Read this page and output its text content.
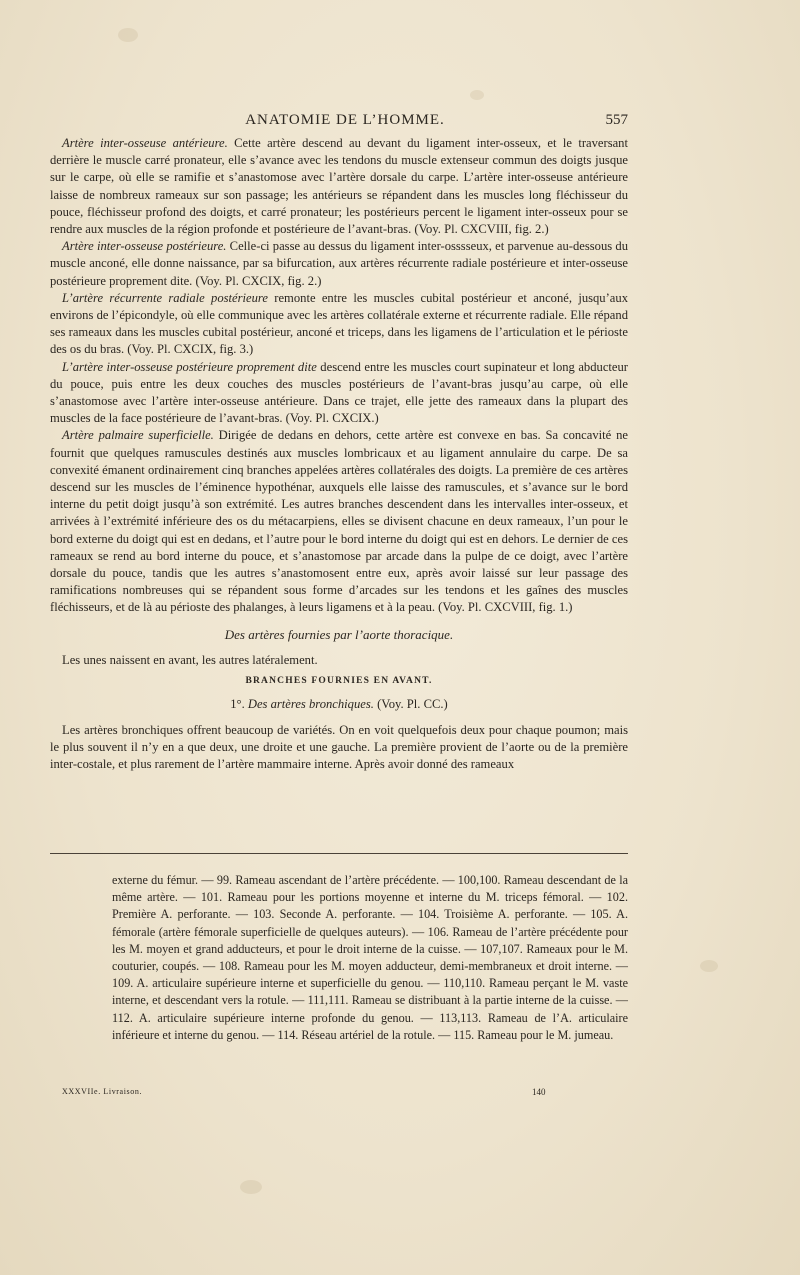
ANATOMIE DE L’HOMME.	557

Artère inter-osseuse antérieure. Cette artère descend au devant du ligament inter-osseux, et le traversant derrière le muscle carré pronateur, elle s’avance avec les tendons du muscle extenseur commun des doigts jusque sur le carpe, où elle se ramifie et s’anastomose avec l’artère dorsale du carpe. L’artère inter-osseuse antérieure laisse de nombreux rameaux sur son passage; les antérieurs se répandent dans les muscles long fléchisseur du pouce, fléchisseur profond des doigts, et carré pronateur; les postérieurs percent le ligament inter-osseux pour se rendre aux muscles de la région profonde et postérieure de l’avant-bras. (Voy. Pl. CXCVIII, fig. 2.)

Artère inter-osseuse postérieure. Celle-ci passe au dessus du ligament inter-osssseux, et parvenue au-dessous du muscle anconé, elle donne naissance, par sa bifurcation, aux artères récurrente radiale postérieure et inter-osseuse postérieure proprement dite. (Voy. Pl. CXCIX, fig. 2.)

L’artère récurrente radiale postérieure remonte entre les muscles cubital postérieur et anconé, jusqu’aux environs de l’épicondyle, où elle communique avec les artères collatérale externe et récurrente radiale. Elle répand ses rameaux dans les muscles cubital postérieur, anconé et triceps, dans les ligamens de l’articulation et le périoste des os du bras. (Voy. Pl. CXCIX, fig. 3.)

L’artère inter-osseuse postérieure proprement dite descend entre les muscles court supinateur et long abducteur du pouce, puis entre les deux couches des muscles postérieurs de l’avant-bras jusqu’au carpe, où elle s’anastomose avec l’artère inter-osseuse antérieure. Dans ce trajet, elle jette des rameaux dans la plupart des muscles de la face postérieure de l’avant-bras. (Voy. Pl. CXCIX.)

Artère palmaire superficielle. Dirigée de dedans en dehors, cette artère est convexe en bas. Sa concavité ne fournit que quelques ramuscules destinés aux muscles lombricaux et au ligament annulaire du carpe. De sa convexité émanent ordinairement cinq branches appelées artères collatérales des doigts. La première de ces artères descend sur les muscles de l’éminence hypothénar, auxquels elle laisse des ramuscules, et s’avance sur le bord interne du petit doigt jusqu’à son extrémité. Les autres branches descendent dans les intervalles inter-osseux, et arrivées à l’extrémité inférieure des os du métacarpiens, elles se divisent chacune en deux rameaux, l’un pour le bord externe du doigt qui est en dedans, et l’autre pour le bord interne du doigt qui est en dehors. Le dernier de ces rameaux se rend au bord interne du pouce, et s’anastomose par arcade dans la pulpe de ce doigt, avec l’artère dorsale du pouce, tandis que les autres s’anastomosent entre eux, après avoir laissé sur leur passage des ramifications nombreuses qui se répandent sous forme d’arcades sur les tendons et les gaînes des muscles fléchisseurs, et de là au périoste des phalanges, à leurs ligamens et à la peau. (Voy. Pl. CXCVIII, fig. 1.)

Des artères fournies par l’aorte thoracique.

Les unes naissent en avant, les autres latéralement.

BRANCHES FOURNIES EN AVANT.

1°. Des artères bronchiques. (Voy. Pl. CC.)

Les artères bronchiques offrent beaucoup de variétés. On en voit quelquefois deux pour chaque poumon; mais le plus souvent il n’y en a que deux, une droite et une gauche. La première provient de l’aorte ou de la première inter-costale, et plus rarement de l’artère mammaire interne. Après avoir donné des rameaux

externe du fémur. — 99. Rameau ascendant de l’artère précédente. — 100,100. Rameau descendant de la même artère. — 101. Rameau pour les portions moyenne et interne du M. triceps fémoral. — 102. Première A. perforante. — 103. Seconde A. perforante. — 104. Troisième A. perforante. — 105. A. fémorale (artère fémorale superficielle de quelques auteurs). — 106. Rameau de l’artère précédente pour les M. moyen et grand adducteurs, et pour le droit interne de la cuisse. — 107,107. Rameaux pour le M. couturier, coupés. — 108. Rameau pour les M. moyen adducteur, demi-membraneux et droit interne. — 109. A. articulaire supérieure interne et superficielle du genou. — 110,110. Rameau perçant le M. vaste interne, et descendant vers la rotule. — 111,111. Rameau se distribuant à la partie interne de la cuisse. — 112. A. articulaire supérieure interne profonde du genou. — 113,113. Rameau de l’A. articulaire inférieure et interne du genou. — 114. Réseau artériel de la rotule. — 115. Rameau pour le M. jumeau.
XXXVIIe. Livraison.	140
